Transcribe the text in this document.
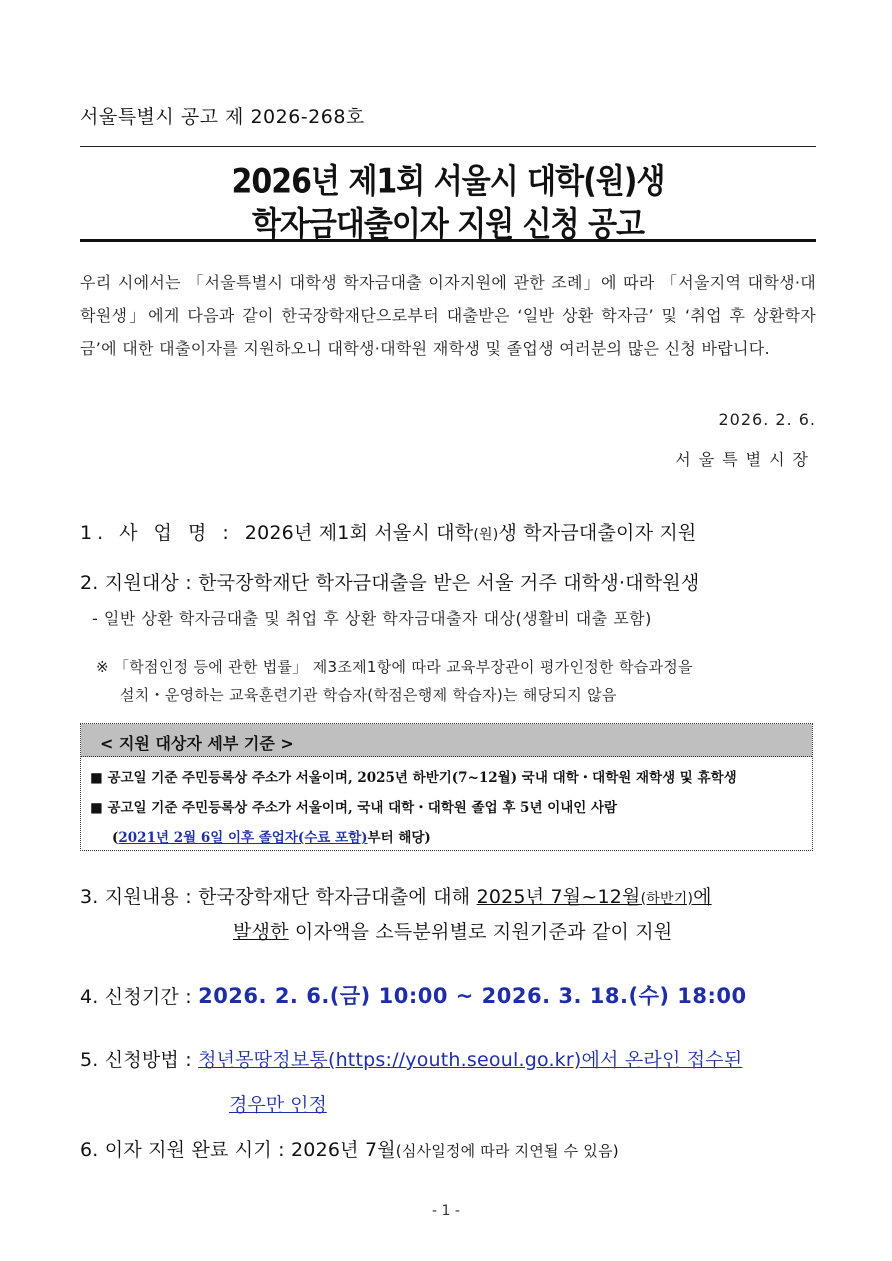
서울특별시 공고 제 2026-268호
2026년 제1회 서울시 대학(원)생
학자금대출이자 지원 신청 공고

우리 시에서는 「서울특별시 대학생 학자금대출 이자지원에 관한 조례」에 따라 「서울지역 대학생·대학원생」에게 다음과 같이 한국장학재단으로부터 대출받은 ‘일반 상환 학자금’ 및 ‘취업 후 상환학자금’에 대한 대출이자를 지원하오니 대학생·대학원 재학생 및 졸업생 여러분의 많은 신청 바랍니다.

2026. 2. 6.
서울특별시장
1. 사 업 명 : 2026년 제1회 서울시 대학(원)생 학자금대출이자 지원
2. 지원대상 : 한국장학재단 학자금대출을 받은 서울 거주 대학생·대학원생
- 일반 상환 학자금대출 및 취업 후 상환 학자금대출자 대상(생활비 대출 포함)
※ 「학점인정 등에 관한 법률」 제3조제1항에 따라 교육부장관이 평가인정한 학습과정을
설치・운영하는 교육훈련기관 학습자(학점은행제 학습자)는 해당되지 않음
< 지원 대상자 세부 기준 >
■ 공고일 기준 주민등록상 주소가 서울이며, 2025년 하반기(7~12월) 국내 대학・대학원 재학생 및 휴학생
■ 공고일 기준 주민등록상 주소가 서울이며, 국내 대학・대학원 졸업 후 5년 이내인 사람
(2021년 2월 6일 이후 졸업자(수료 포함)부터 해당)
3. 지원내용 : 한국장학재단 학자금대출에 대해 2025년 7월~12월(하반기)에
발생한 이자액을 소득분위별로 지원기준과 같이 지원
4. 신청기간 : 2026. 2. 6.(금) 10:00 ~ 2026. 3. 18.(수) 18:00
5. 신청방법 : 청년몽땅정보통(https://youth.seoul.go.kr)에서 온라인 접수된
경우만 인정
6. 이자 지원 완료 시기 : 2026년 7월(심사일정에 따라 지연될 수 있음)
- 1 -
